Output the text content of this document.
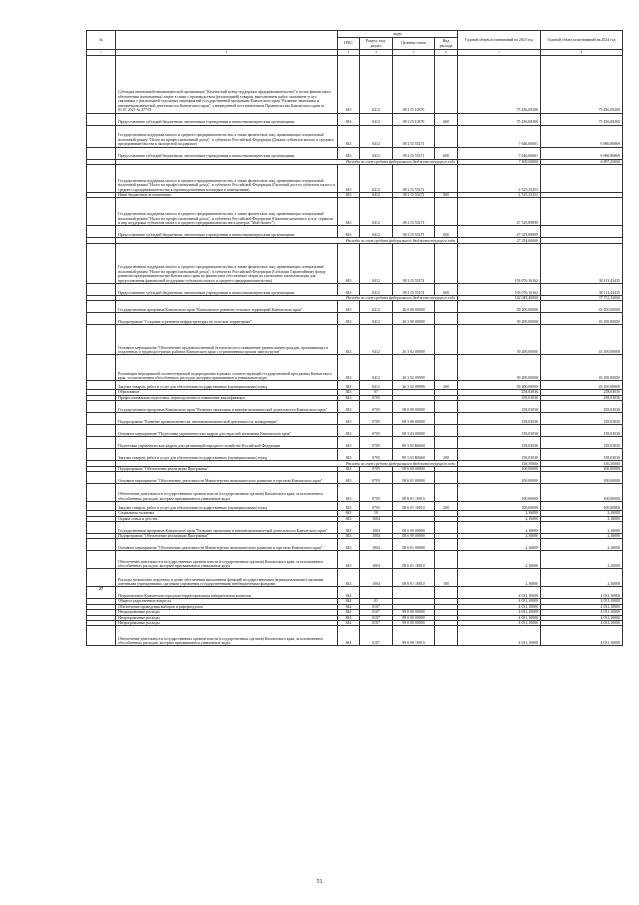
№		коды				Годовой объем ассигнований на 2023 год	Годовой объем ассигнований на 2024 год
		ГРБС	Раздел, под-раздел	Целевая статья	Вид расхода		
1	2	3	4	5	6	7	8
	Субсидия автономной некоммерческой организации "Камчатский центр поддержки предпринимательства" в целях финансового обеспечения (возмещения) затрат в связи с производством (реализацией) товаров, выполнением работ, оказанием услуг, связанных с реализацией отдельных мероприятий государственной программы Камчатского края "Развитие экономики и внешнеэкономической деятельности Камчатского края", утвержденной постановлением Правительства Камчатского края от 01.07.2021 № 277-П	843	0412	08 2 I5 10370		75 456,09200	75 456,09200
	Предоставление субсидий бюджетным, автономным учреждениям и иным некоммерческим организациям	843	0412	08 2 I5 10370	600	75 456,09200	75 456,09200
	Государственная поддержка малого и среднего предпринимательства, а также физических лиц, применяющих специальный налоговый режим "Налог на профессиональный доход", в субъектах Российской Федерации (Докапи субъектов малого и среднего предпринимательства к экспортной поддержке)	843	0412	08 2 I5 55271		7 646,06061	6 966,86869
	Предоставление субсидий бюджетным, автономным учреждениям и иным некоммерческим организациям	843	0412	08 2 I5 55271	600	7 646,06061	6 966,86869
	Расходы за счет средств федерального бюджета текущего года					7 569,60000	6 897,20000
	Государственная поддержка малого и среднего предпринимательства, а также физических лиц, применяющих специальный налоговый режим "Налог на профессиональный доход", в субъектах Российской Федерации (Льготный доступ субъектов малого и среднего предпринимательства к производственным площадям и помещениям)	843	0412	08 2 I5 55272		2 525,25253	
	Иные бюджетные ассигнования	843	0412	08 2 I5 55272	800	2 525,25253	
	Государственная поддержка малого и среднего предпринимательства, а также физических лиц, применяющих специальный налоговый режим "Налог на профессиональный доход", в субъектах Российской Федерации (Оказание комплекса услуг, сервисов и мер поддержки субъектам малого и среднего предпринимательства в центрах "Мой бизнес")	843	0412	08 2 I5 55273		27 529,89899	
	Предоставление субсидий бюджетным, автономным учреждениям и иным некоммерческим организациям	843	0412	08 2 I5 55273	600	27 529,89899	
	Расходы за счет средств федерального бюджета текущего года					27 254,60000	
	Государственная поддержка малого и среднего предпринимательства, а также физических лиц, применяющих специальный налоговый режим "Налог на профессиональный доход", в субъектах Российской Федерации (Субсидии Гарантийному фонду развития предпринимательства Камчатского края на финансовое обеспечение затрат на увеличение капитализации для предоставления финансовой поддержки субъектам малого и среднего предпринимательства)	843	0412	08 2 I5 55274		103 076,16162	38 113,43435
	Предоставление субсидий бюджетным, автономным учреждениям и иным некоммерческим организациям	843	0412	08 2 I5 55274	600	103 076,16162	38 113,43435
	Расходы за счет средств федерального бюджета текущего года					102 045,40000	37 732,30000
	Государственная программа Камчатского края "Комплексное развитие сельских территорий Камчатского края"	843	0412	26 0 00 00000		39 200,00000	43 100,00000
	Подпрограмма "Создание и развитие инфраструктуры на сельских территориях"	843	0412	26 3 00 00000		39 200,00000	43 100,00000
	Основное мероприятие "Обеспечение продовольственной безопасности и повышение уровня жизни граждан, проживающих в отдаленных и труднодоступных районах Камчатского края с ограниченным сроком завоза грузов"	843	0412	26 3 02 00000		39 200,00000	43 100,00000
	Реализация мероприятий соответствующей подпрограммы в рамках соответствующей государственной программы Камчатского края, за исключением обособленных расходов, которым присваиваются уникальные коды	843	0412	26 3 02 09990		39 200,00000	43 100,00000
	Закупка товаров, работ и услуг для обеспечения государственных (муниципальных) нужд	843	0412	26 3 02 09990	200	39 200,00000	43 100,00000
	Образование	843	07			258,03030	258,03030
	Профессиональная подготовка, переподготовка и повышение квалификации	843	0705			258,03030	258,03030
	Государственная программа Камчатского края "Развитие экономики и внешнеэкономической деятельности Камчатского края"	843	0705	08 0 00 00000		258,03030	258,03030
	Подпрограмма "Развитие промышленности, внешнеэкономической деятельности, конкуренции"	843	0705	08 3 00 00000		158,03030	158,03030
	Основное мероприятие "Подготовка управленческих кадров для отраслей экономики Камчатского края"	843	0705	08 3 03 00000		158,03030	158,03030
	Подготовка управленческих кадров для организаций народного хозяйства Российской Федерации	843	0705	08 3 03 R0660		158,03030	158,03030
	Закупка товаров, работ и услуг для обеспечения государственных (муниципальных) нужд	843	0705	08 3 03 R0660	200	158,03030	158,03030
	Расходы за счет средств федерального бюджета текущего года					156,30000	156,30000
	Подпрограмма "Обеспечение реализации Программы"	843	0705	08 6 00 00000		100,00000	100,00000
	Основное мероприятие "Обеспечение деятельности Министерства экономического развития и торговли Камчатского края"	843	0705	08 6 01 00000		100,00000	100,00000
	Обеспечение деятельности государственных органов власти (государственных органов) Камчатского края, за исключением обособленных расходов, которым присваиваются уникальные коды	843	0705	08 6 01 10010		100,00000	100,00000
	Закупка товаров, работ и услуг для обеспечения государственных (муниципальных) нужд	843	0705	08 6 01 10010	200	100,00000	100,00000
	Социальная политика	843	10			2,16000	2,16000
	Охрана семьи и детства	843	1004			2,16000	2,16000
	Государственная программа Камчатского края "Развитие экономики и внешнеэкономической деятельности Камчатского края"	843	1004	08 0 00 00000		2,16000	2,16000
	Подпрограмма "Обеспечение реализации Программы"	843	1004	08 6 00 00000		2,16000	2,16000
	Основное мероприятие "Обеспечение деятельности Министерства экономического развития и торговли Камчатского края"	843	1004	08 6 01 00000		2,16000	2,16000
	Обеспечение деятельности государственных органов власти (государственных органов) Камчатского края, за исключением обособленных расходов, которым присваиваются уникальные коды	843	1004	08 6 01 10010		2,16000	2,16000
	Расходы на выплаты персоналу в целях обеспечения выполнения функций государственными (муниципальными) органами, казенными учреждениями, органами управления государственными внебюджетными фондами	843	1004	08 6 01 10010	100	2,16000	2,16000
27	Петропавловск-Камчатская городская территориальная избирательная комиссия	844				4 031,10000	4 031,10000
	Общегосударственные вопросы	844	01			4 031,10000	4 031,10000
	Обеспечение проведения выборов и референдумов	844	0107			4 031,10000	4 031,10000
	Непрограммные расходы	844	0107	99 0 00 00000		4 031,10000	4 031,10000
	Непрограммные расходы	844	0107	99 0 00 00000		4 031,10000	4 031,10000
	Непрограммные расходы	844	0107	99 0 00 00000		4 031,10000	4 031,10000
	Обеспечение деятельности государственных органов власти (государственных органов) Камчатского края, за исключением обособленных расходов, которым присваиваются уникальные коды	844	0107	99 0 00 10010		4 031,10000	4 031,10000
51
